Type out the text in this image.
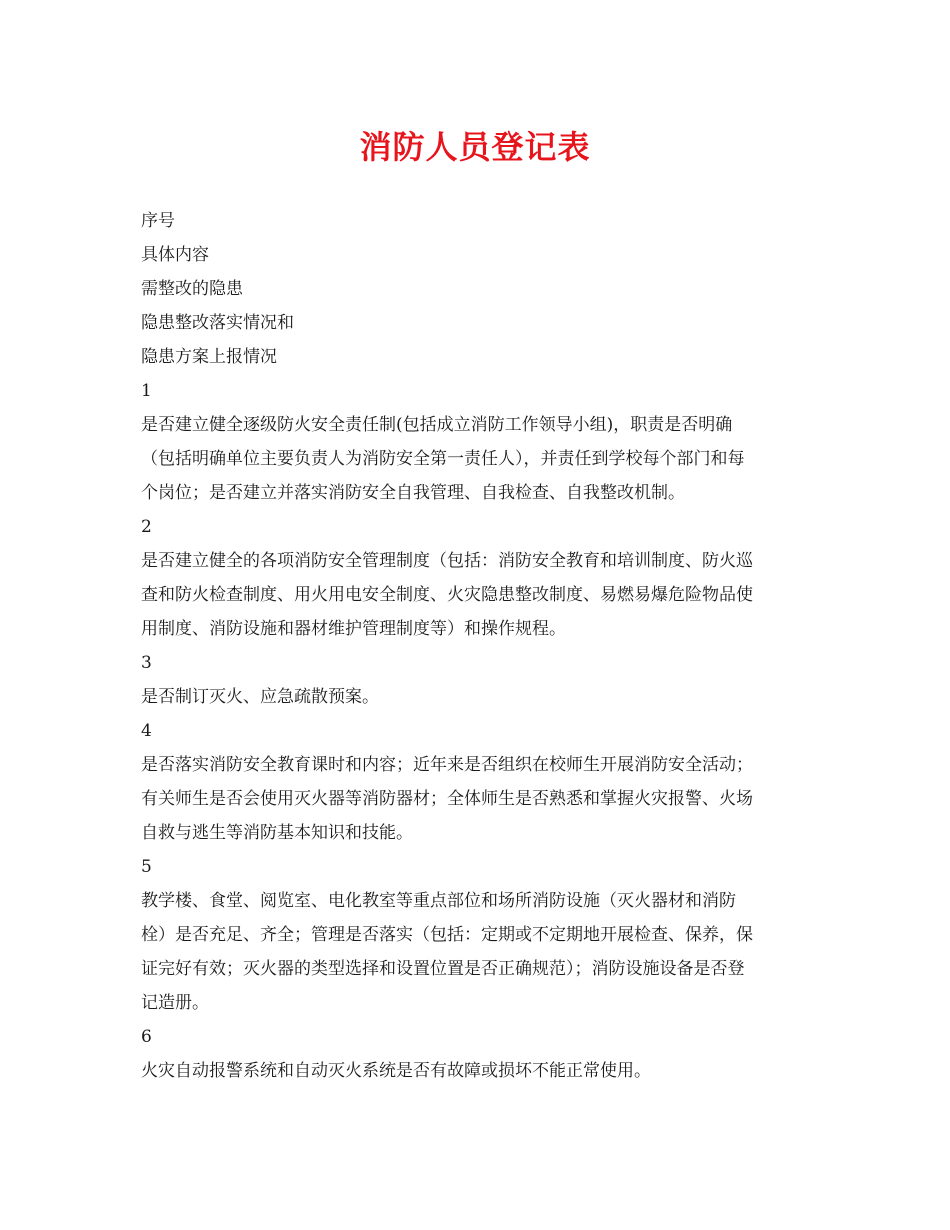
消防人员登记表
序号
具体内容
需整改的隐患
隐患整改落实情况和
隐患方案上报情况
1
是否建立健全逐级防火安全责任制(包括成立消防工作领导小组)，职责是否明确
（包括明确单位主要负责人为消防安全第一责任人），并责任到学校每个部门和每
个岗位；是否建立并落实消防安全自我管理、自我检查、自我整改机制。
2
是否建立健全的各项消防安全管理制度（包括：消防安全教育和培训制度、防火巡
查和防火检查制度、用火用电安全制度、火灾隐患整改制度、易燃易爆危险物品使
用制度、消防设施和器材维护管理制度等）和操作规程。
3
是否制订灭火、应急疏散预案。
4
是否落实消防安全教育课时和内容；近年来是否组织在校师生开展消防安全活动；
有关师生是否会使用灭火器等消防器材；全体师生是否熟悉和掌握火灾报警、火场
自救与逃生等消防基本知识和技能。
5
教学楼、食堂、阅览室、电化教室等重点部位和场所消防设施（灭火器材和消防
栓）是否充足、齐全；管理是否落实（包括：定期或不定期地开展检查、保养，保
证完好有效；灭火器的类型选择和设置位置是否正确规范）；消防设施设备是否登
记造册。
6
火灾自动报警系统和自动灭火系统是否有故障或损坏不能正常使用。
